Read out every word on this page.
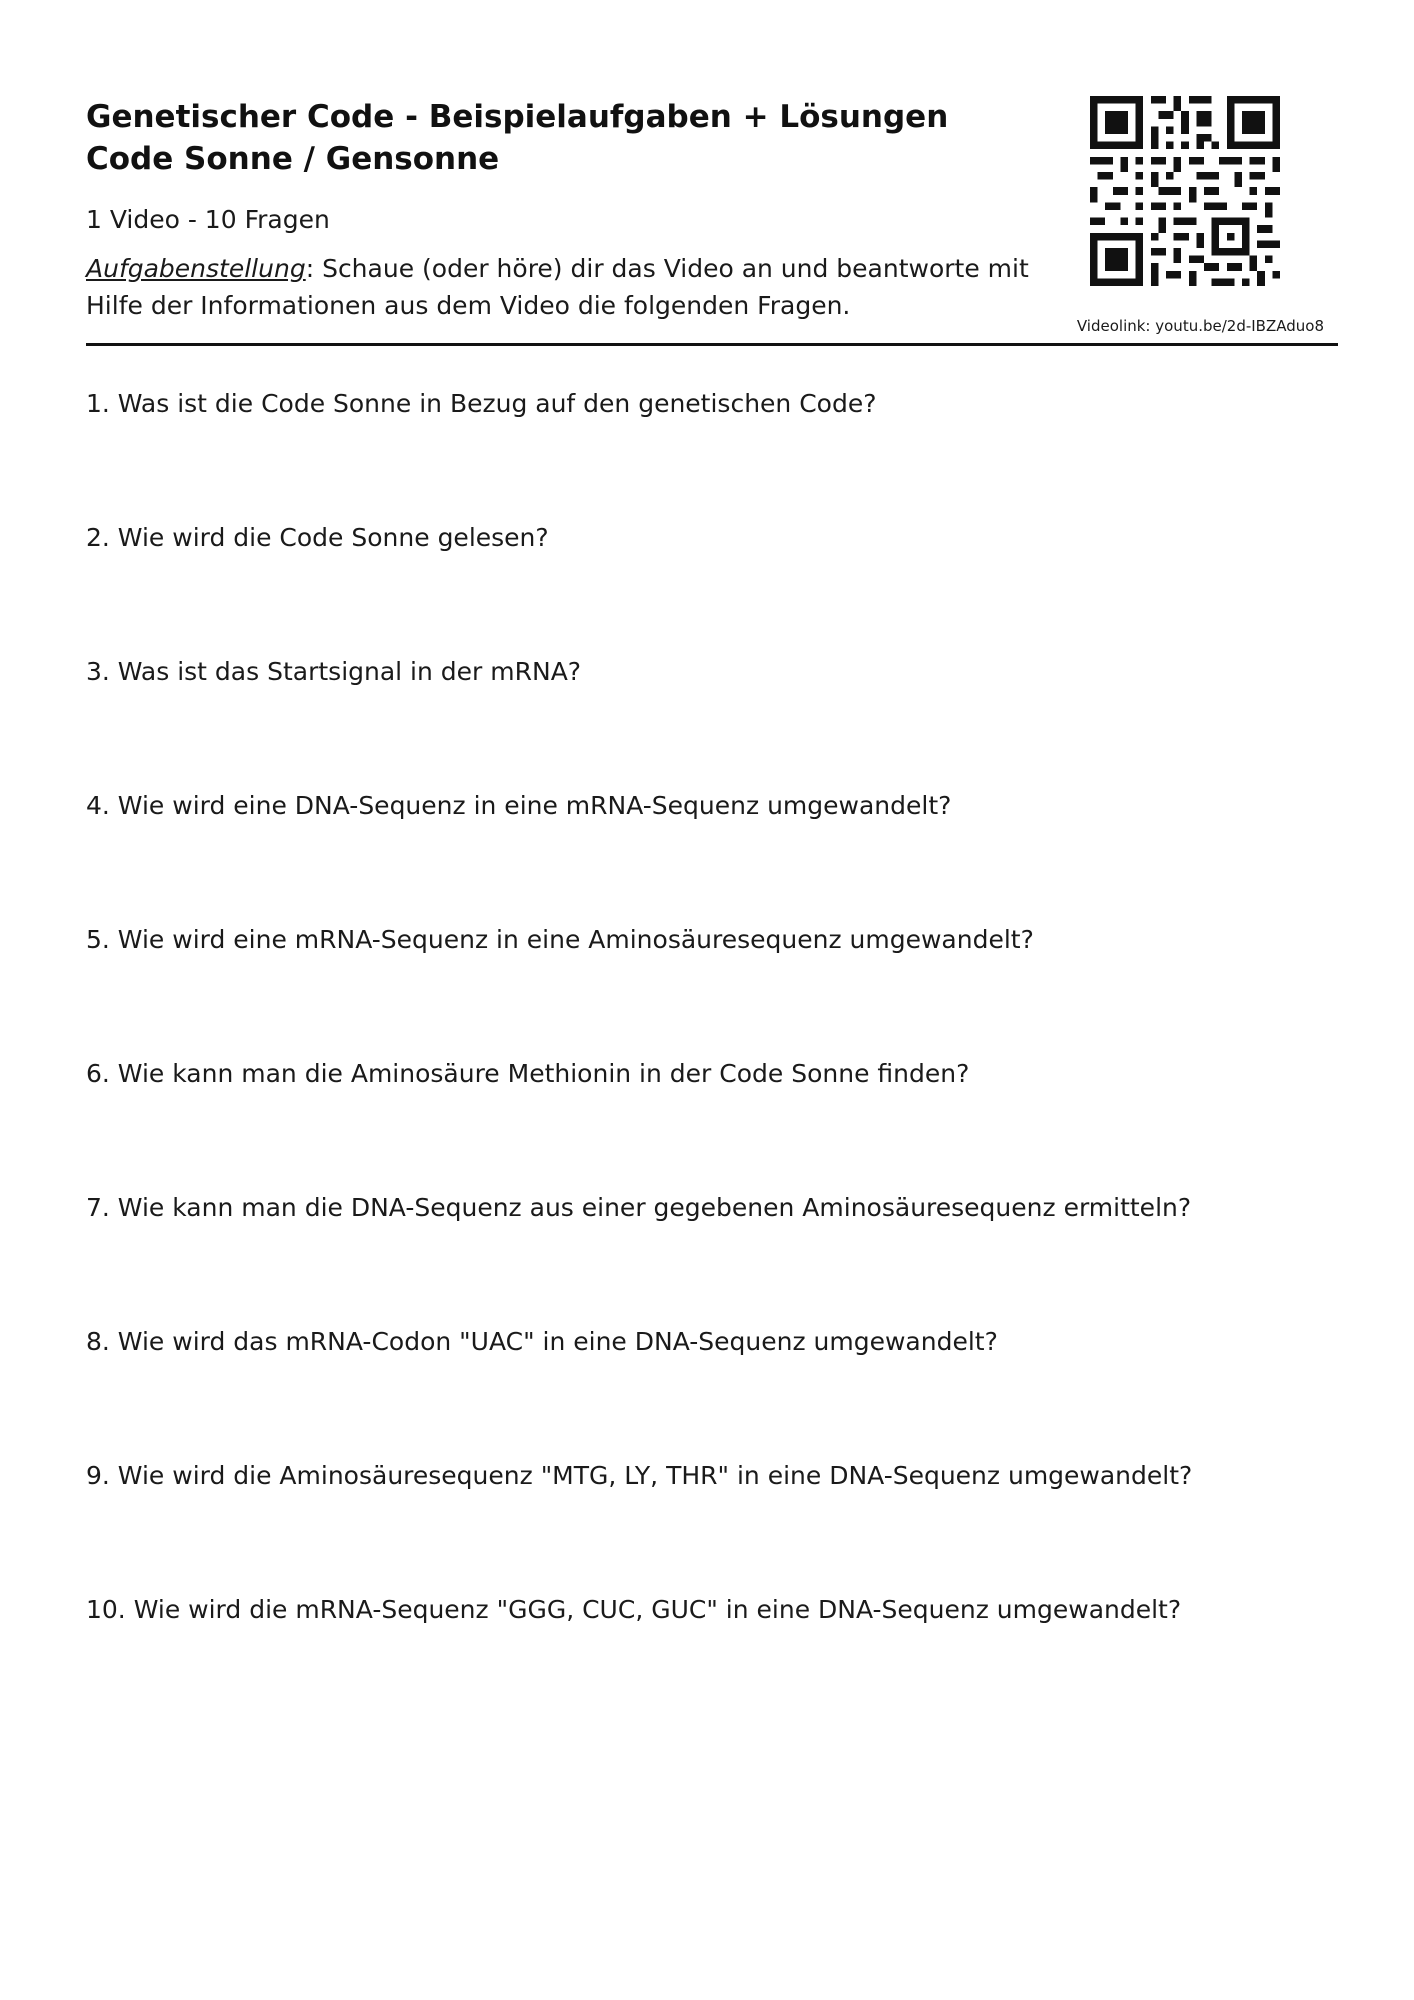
Genetischer Code - Beispielaufgaben + Lösungen Code Sonne / Gensonne
1 Video - 10 Fragen
Aufgabenstellung: Schaue (oder höre) dir das Video an und beantworte mit Hilfe der Informationen aus dem Video die folgenden Fragen.
Videolink: youtu.be/2d-IBZAduo8
1. Was ist die Code Sonne in Bezug auf den genetischen Code?
2. Wie wird die Code Sonne gelesen?
3. Was ist das Startsignal in der mRNA?
4. Wie wird eine DNA-Sequenz in eine mRNA-Sequenz umgewandelt?
5. Wie wird eine mRNA-Sequenz in eine Aminosäuresequenz umgewandelt?
6. Wie kann man die Aminosäure Methionin in der Code Sonne finden?
7. Wie kann man die DNA-Sequenz aus einer gegebenen Aminosäuresequenz ermitteln?
8. Wie wird das mRNA-Codon "UAC" in eine DNA-Sequenz umgewandelt?
9. Wie wird die Aminosäuresequenz "MTG, LY, THR" in eine DNA-Sequenz umgewandelt?
10. Wie wird die mRNA-Sequenz "GGG, CUC, GUC" in eine DNA-Sequenz umgewandelt?
